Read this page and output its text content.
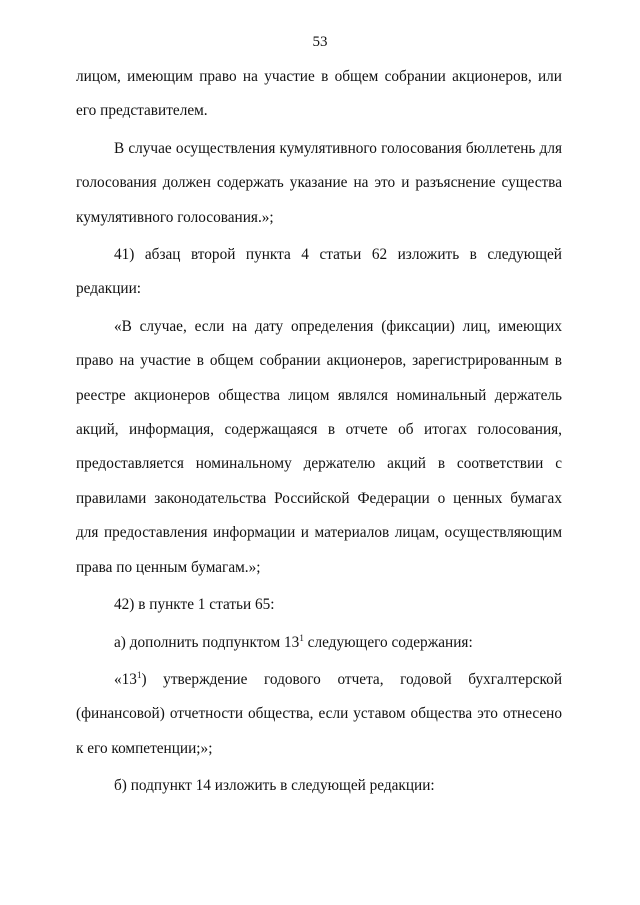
53

лицом, имеющим право на участие в общем собрании акционеров, или его представителем.

В случае осуществления кумулятивного голосования бюллетень для голосования должен содержать указание на это и разъяснение существа кумулятивного голосования.»;

41) абзац второй пункта 4 статьи 62 изложить в следующей редакции:

«В случае, если на дату определения (фиксации) лиц, имеющих право на участие в общем собрании акционеров, зарегистрированным в реестре акционеров общества лицом являлся номинальный держатель акций, информация, содержащаяся в отчете об итогах голосования, предоставляется номинальному держателю акций в соответствии с правилами законодательства Российской Федерации о ценных бумагах для предоставления информации и материалов лицам, осуществляющим права по ценным бумагам.»;

42) в пункте 1 статьи 65:

а) дополнить подпунктом $13^1$ следующего содержания:

«$13^1$) утверждение годового отчета, годовой бухгалтерской (финансовой) отчетности общества, если уставом общества это отнесено к его компетенции;»;

б) подпункт 14 изложить в следующей редакции:
